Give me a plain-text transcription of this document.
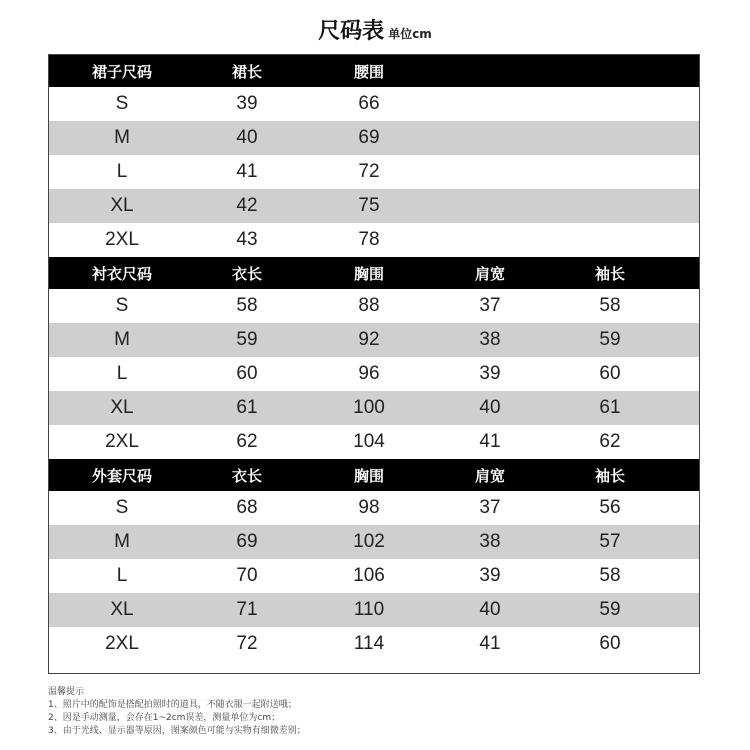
尺码表 单位cm
裙子尺码	裙长	腰围
S	39	66
M	40	69
L	41	72
XL	42	75
2XL	43	78
衬衣尺码	衣长	胸围	肩宽	袖长
S	58	88	37	58
M	59	92	38	59
L	60	96	39	60
XL	61	100	40	61
2XL	62	104	41	62
外套尺码	衣长	胸围	肩宽	袖长
S	68	98	37	56
M	69	102	38	57
L	70	106	39	58
XL	71	110	40	59
2XL	72	114	41	60
温馨提示
1、照片中的配饰是搭配拍照时的道具，不随衣服一起附送哦；
2、因是手动测量，会存在1~2cm误差，测量单位为cm；
3、由于光线、显示器等原因，图案颜色可能与实物有细微差别；
